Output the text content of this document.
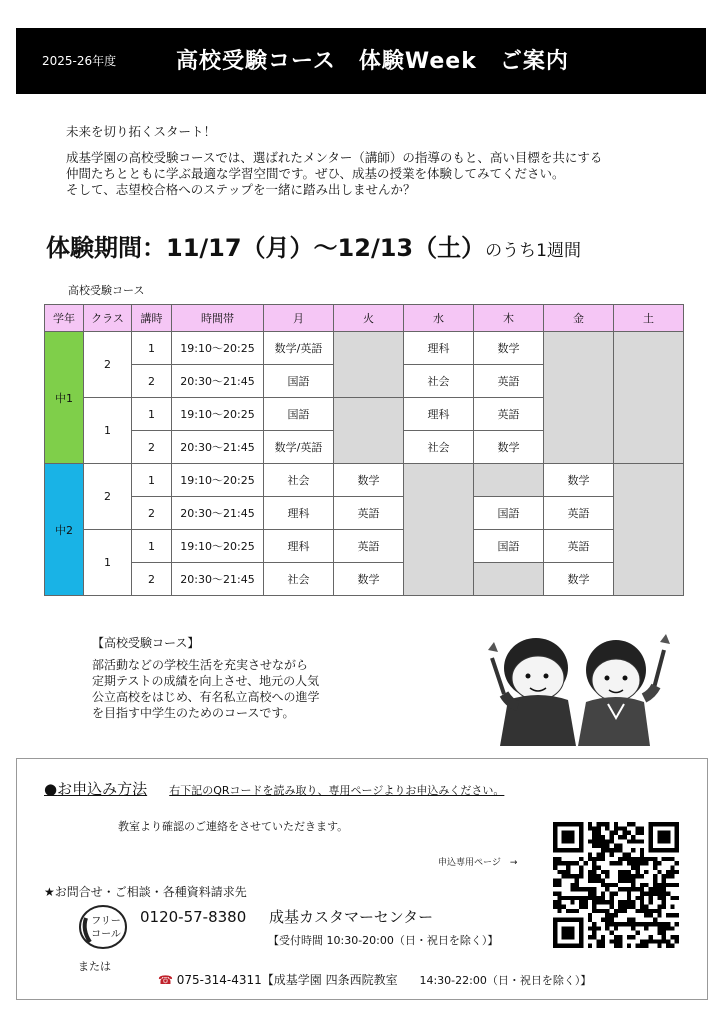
2025-26年度	高校受験コース　体験Week　ご案内

未来を切り拓くスタート！

成基学園の高校受験コースでは、選ばれたメンター（講師）の指導のもと、高い目標を共にする

仲間たちとともに学ぶ最適な学習空間です。ぜひ、成基の授業を体験してみてください。

そして、志望校合格へのステップを一緒に踏み出しませんか？

体験期間：11/17（月）～12/13（土）のうち1週間
高校受験コース
学年	クラス	講時	時間帯	月	火	水	木	金	土
中1	2	1	19:10～20:25	数学/英語		理科	数学		
		2	20:30～21:45	国語		社会	英語		
	1	1	19:10～20:25	国語		理科	英語		
		2	20:30～21:45	数学/英語		社会	数学		
中2	2	1	19:10～20:25	社会	数学			数学	
		2	20:30～21:45	理科	英語		国語	英語	
	1	1	19:10～20:25	理科	英語		国語	英語	
		2	20:30～21:45	社会	数学			数学	

【高校受験コース】

部活動などの学校生活を充実させながら

定期テストの成績を向上させ、地元の人気

公立高校をはじめ、有名私立高校への進学

を目指す中学生のためのコースです。

●お申込み方法 右下記のQRコードを読み取り、専用ページよりお申込みください。
教室より確認のご連絡をさせていただきます。
申込専用ページ　→
★お問合せ・ご相談・各種資料請求先
フリー
コール
0120-57-8380 成基カスタマーセンター
【受付時間 10:30-20:00（日・祝日を除く）】
または
☎ 075-314-4311【成基学園 四条西院教室 14:30-22:00（日・祝日を除く）】
